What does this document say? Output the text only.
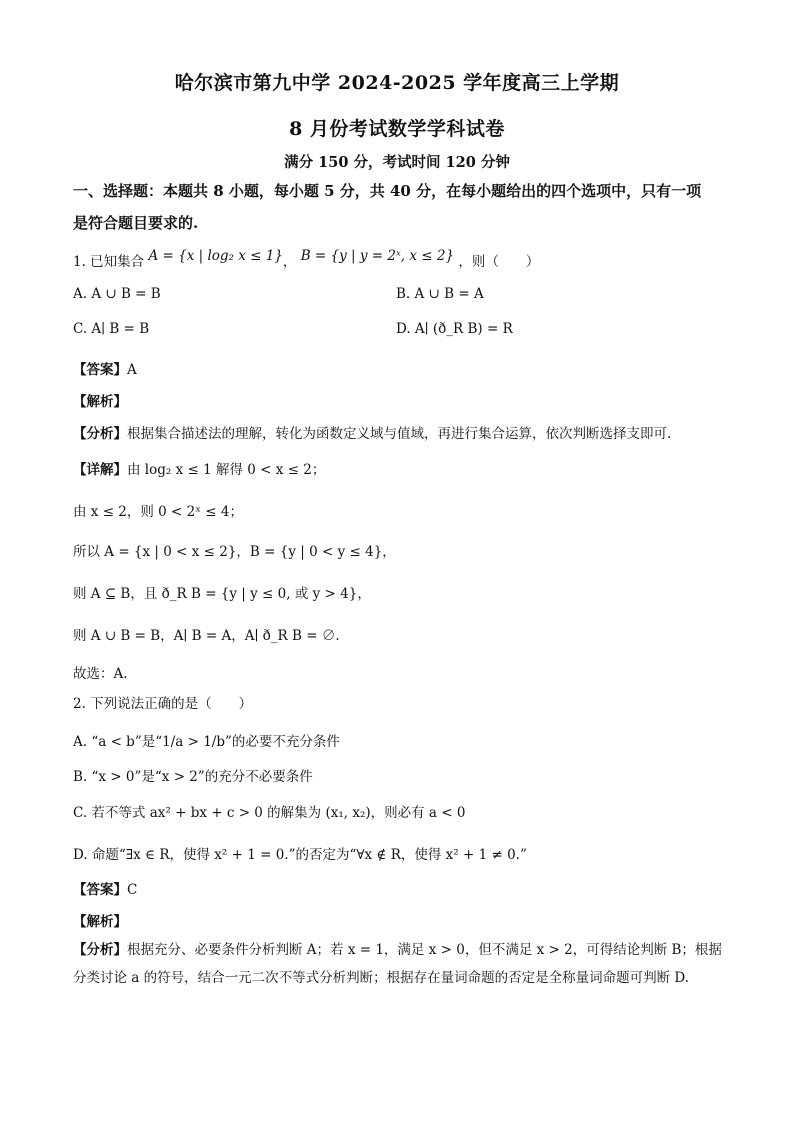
哈尔滨市第九中学 2024-2025 学年度高三上学期
8 月份考试数学学科试卷
满分 150 分，考试时间 120 分钟
一、选择题：本题共 8 小题，每小题 5 分，共 40 分，在每小题给出的四个选项中，只有一项是符合题目要求的.
1. 已知集合 A = {x | log₂ x ≤ 1}， B = {y | y = 2ˣ, x ≤ 2} ，则（　　）
A. A ∪ B = B	B. A ∪ B = A
C. A∣ B = B	D. A∣ (ð_R B) = R
【答案】A
【解析】
【分析】根据集合描述法的理解，转化为函数定义域与值域，再进行集合运算，依次判断选择支即可.
【详解】由 log₂ x ≤ 1 解得 0 < x ≤ 2；
由 x ≤ 2，则 0 < 2ˣ ≤ 4；
所以 A = {x | 0 < x ≤ 2}，B = {y | 0 < y ≤ 4}，
则 A ⊆ B，且 ð_R B = {y | y ≤ 0, 或 y > 4}，
则 A ∪ B = B，A∣ B = A，A∣ ð_R B = ∅.
故选：A.
2. 下列说法正确的是（　　）
A. “a < b”是“1/a > 1/b”的必要不充分条件
B. “x > 0”是“x > 2”的充分不必要条件
C. 若不等式 ax² + bx + c > 0 的解集为 (x₁, x₂)，则必有 a < 0
D. 命题“∃x ∈ R，使得 x² + 1 = 0.”的否定为“∀x ∉ R，使得 x² + 1 ≠ 0.”
【答案】C
【解析】
【分析】根据充分、必要条件分析判断 A；若 x = 1，满足 x > 0，但不满足 x > 2，可得结论判断 B；根据分类讨论 a 的符号，结合一元二次不等式分析判断；根据存在量词命题的否定是全称量词命题可判断 D.
